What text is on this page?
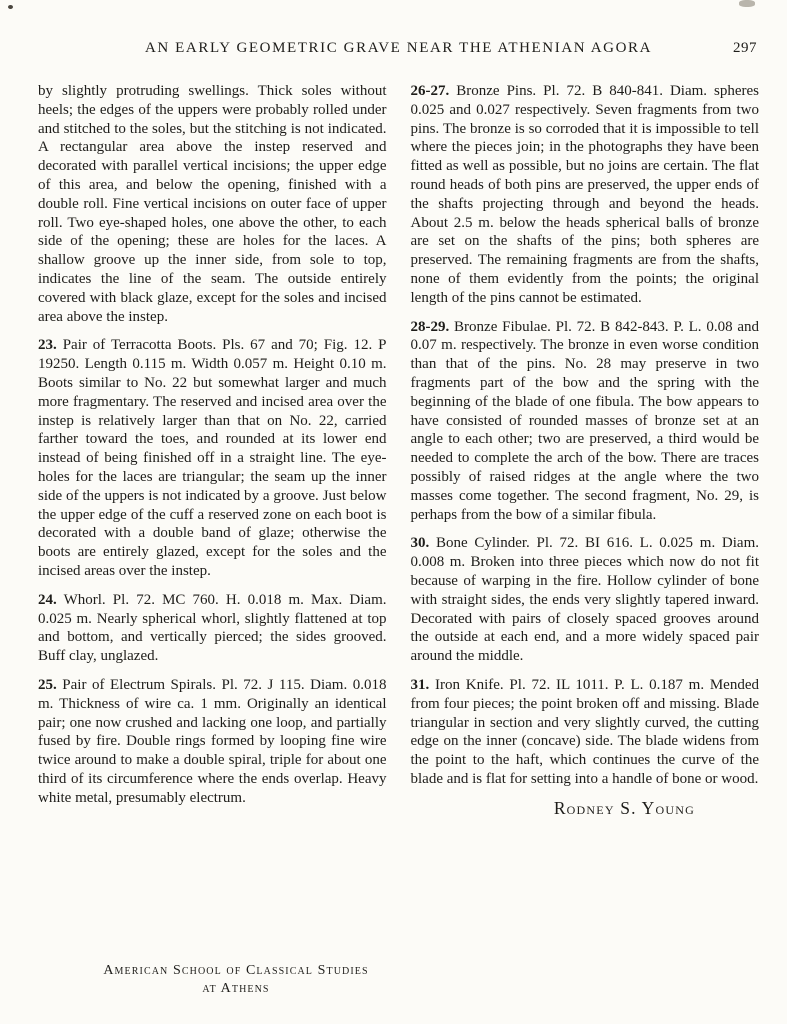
AN EARLY GEOMETRIC GRAVE NEAR THE ATHENIAN AGORA	297

by slightly protruding swellings. Thick soles without heels; the edges of the uppers were probably rolled under and stitched to the soles, but the stitching is not indicated. A rectangular area above the instep reserved and decorated with parallel vertical incisions; the upper edge of this area, and below the opening, finished with a double roll. Fine vertical incisions on outer face of upper roll. Two eye-shaped holes, one above the other, to each side of the opening; these are holes for the laces. A shallow groove up the inner side, from sole to top, indicates the line of the seam. The outside entirely covered with black glaze, except for the soles and incised area above the instep.

23. Pair of Terracotta Boots. Pls. 67 and 70; Fig. 12. P 19250. Length 0.115 m. Width 0.057 m. Height 0.10 m. Boots similar to No. 22 but somewhat larger and much more fragmentary. The reserved and incised area over the instep is relatively larger than that on No. 22, carried farther toward the toes, and rounded at its lower end instead of being finished off in a straight line. The eye-holes for the laces are triangular; the seam up the inner side of the uppers is not indicated by a groove. Just below the upper edge of the cuff a reserved zone on each boot is decorated with a double band of glaze; otherwise the boots are entirely glazed, except for the soles and the incised areas over the instep.

24. Whorl. Pl. 72. MC 760. H. 0.018 m. Max. Diam. 0.025 m. Nearly spherical whorl, slightly flattened at top and bottom, and vertically pierced; the sides grooved. Buff clay, unglazed.

25. Pair of Electrum Spirals. Pl. 72. J 115. Diam. 0.018 m. Thickness of wire ca. 1 mm. Originally an identical pair; one now crushed and lacking one loop, and partially fused by fire. Double rings formed by looping fine wire twice around to make a double spiral, triple for about one third of its circumference where the ends overlap. Heavy white metal, presumably electrum.

26-27. Bronze Pins. Pl. 72. B 840-841. Diam. spheres 0.025 and 0.027 respectively. Seven fragments from two pins. The bronze is so corroded that it is impossible to tell where the pieces join; in the photographs they have been fitted as well as possible, but no joins are certain. The flat round heads of both pins are preserved, the upper ends of the shafts projecting through and beyond the heads. About 2.5 m. below the heads spherical balls of bronze are set on the shafts of the pins; both spheres are preserved. The remaining fragments are from the shafts, none of them evidently from the points; the original length of the pins cannot be estimated.

28-29. Bronze Fibulae. Pl. 72. B 842-843. P. L. 0.08 and 0.07 m. respectively. The bronze in even worse condition than that of the pins. No. 28 may preserve in two fragments part of the bow and the spring with the beginning of the blade of one fibula. The bow appears to have consisted of rounded masses of bronze set at an angle to each other; two are preserved, a third would be needed to complete the arch of the bow. There are traces possibly of raised ridges at the angle where the two masses come together. The second fragment, No. 29, is perhaps from the bow of a similar fibula.

30. Bone Cylinder. Pl. 72. BI 616. L. 0.025 m. Diam. 0.008 m. Broken into three pieces which now do not fit because of warping in the fire. Hollow cylinder of bone with straight sides, the ends very slightly tapered inward. Decorated with pairs of closely spaced grooves around the outside at each end, and a more widely spaced pair around the middle.

31. Iron Knife. Pl. 72. IL 1011. P. L. 0.187 m. Mended from four pieces; the point broken off and missing. Blade triangular in section and very slightly curved, the cutting edge on the inner (concave) side. The blade widens from the point to the haft, which continues the curve of the blade and is flat for setting into a handle of bone or wood.

Rodney S. Young

American School of Classical Studies
at Athens
